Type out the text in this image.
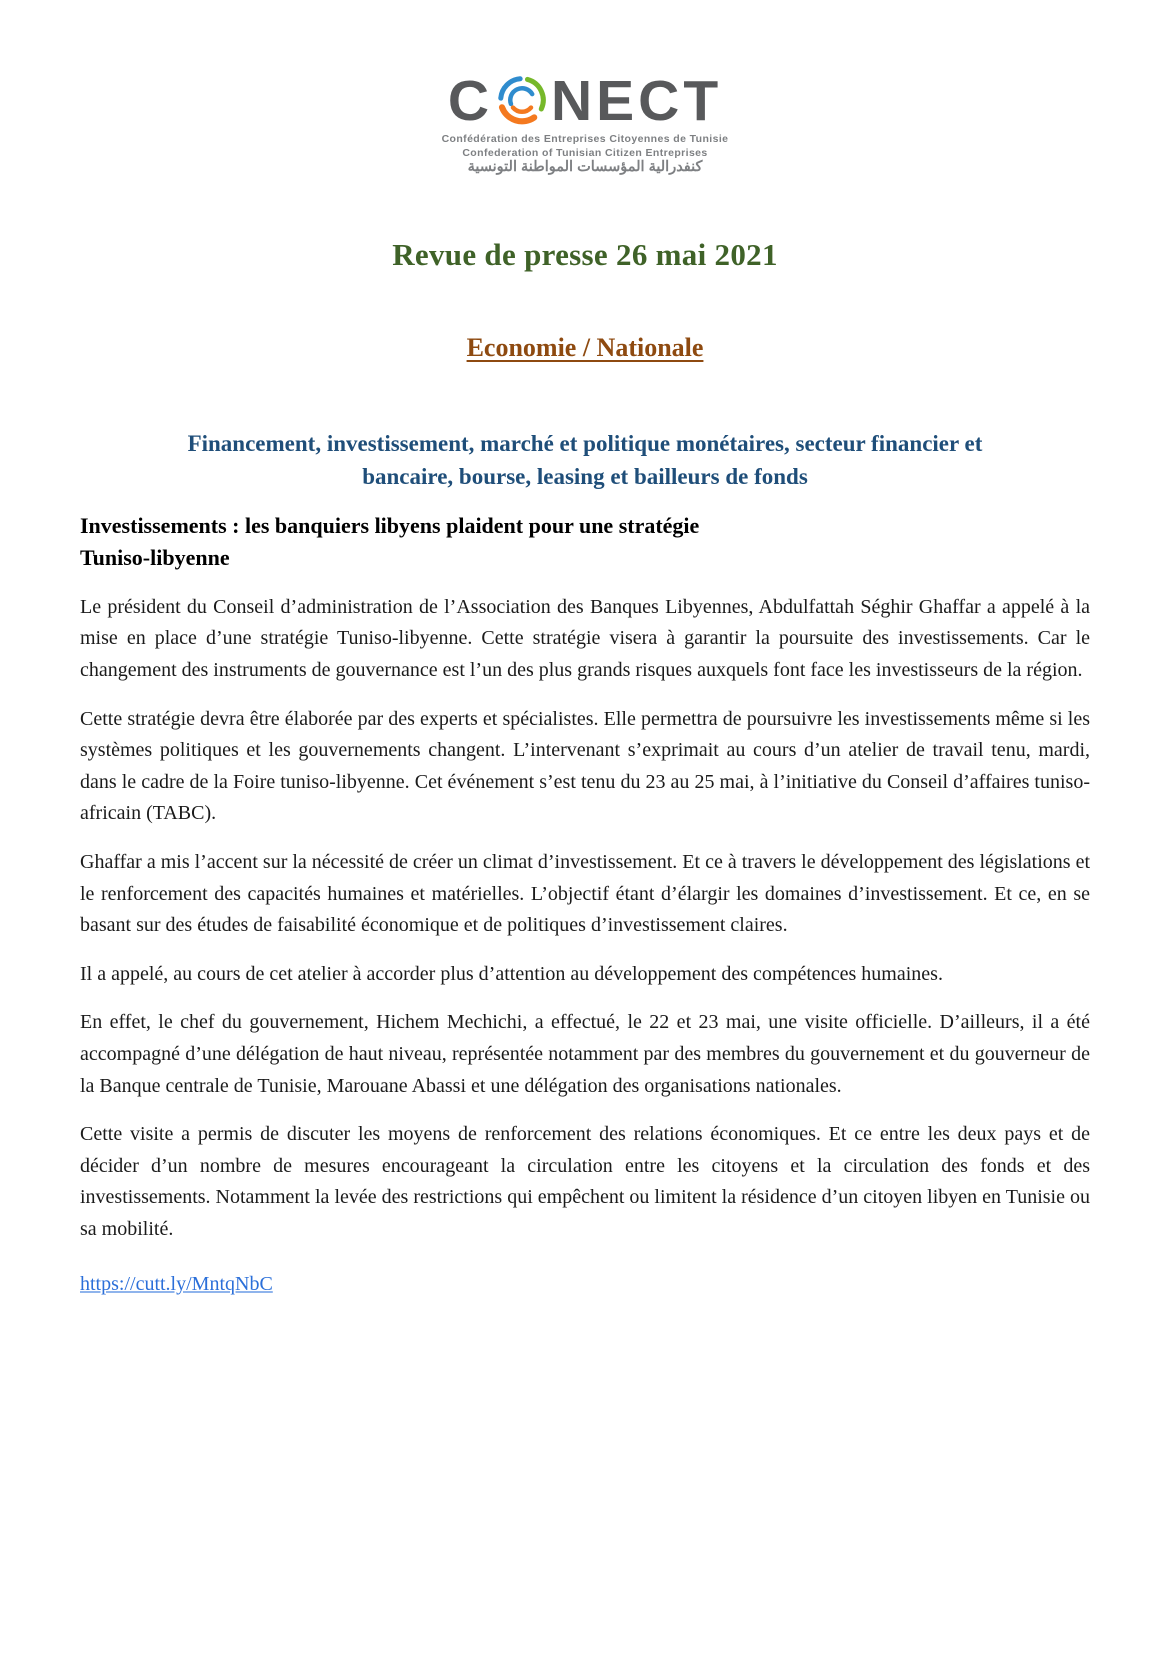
C NECT
Confédération des Entreprises Citoyennes de Tunisie
Confederation of Tunisian Citizen Entreprises
كنفدرالية المؤسسات المواطنة التونسية
Revue de presse 26 mai 2021
Economie / Nationale
Financement, investissement, marché et politique monétaires, secteur financier et bancaire, bourse, leasing et bailleurs de fonds
Investissements : les banquiers libyens plaident pour une stratégie
Tuniso-libyenne

Le président du Conseil d’administration de l’Association des Banques Libyennes, Abdulfattah Séghir Ghaffar a appelé à la mise en place d’une stratégie Tuniso-libyenne. Cette stratégie visera à garantir la poursuite des investissements. Car le changement des instruments de gouvernance est l’un des plus grands risques auxquels font face les investisseurs de la région.

Cette stratégie devra être élaborée par des experts et spécialistes. Elle permettra de poursuivre les investissements même si les systèmes politiques et les gouvernements changent. L’intervenant s’exprimait au cours d’un atelier de travail tenu, mardi, dans le cadre de la Foire tuniso-libyenne. Cet événement s’est tenu du 23 au 25 mai, à l’initiative du Conseil d’affaires tuniso-africain (TABC).

Ghaffar a mis l’accent sur la nécessité de créer un climat d’investissement. Et ce à travers le développement des législations et le renforcement des capacités humaines et matérielles. L’objectif étant d’élargir les domaines d’investissement. Et ce, en se basant sur des études de faisabilité économique et de politiques d’investissement claires.

Il a appelé, au cours de cet atelier à accorder plus d’attention au développement des compétences humaines.

En effet, le chef du gouvernement, Hichem Mechichi, a effectué, le 22 et 23 mai, une visite officielle. D’ailleurs, il a été accompagné d’une délégation de haut niveau, représentée notamment par des membres du gouvernement et du gouverneur de la Banque centrale de Tunisie, Marouane Abassi et une délégation des organisations nationales.

Cette visite a permis de discuter les moyens de renforcement des relations économiques. Et ce entre les deux pays et de décider d’un nombre de mesures encourageant la circulation entre les citoyens et la circulation des fonds et des investissements. Notamment la levée des restrictions qui empêchent ou limitent la résidence d’un citoyen libyen en Tunisie ou sa mobilité.

https://cutt.ly/MntqNbC
